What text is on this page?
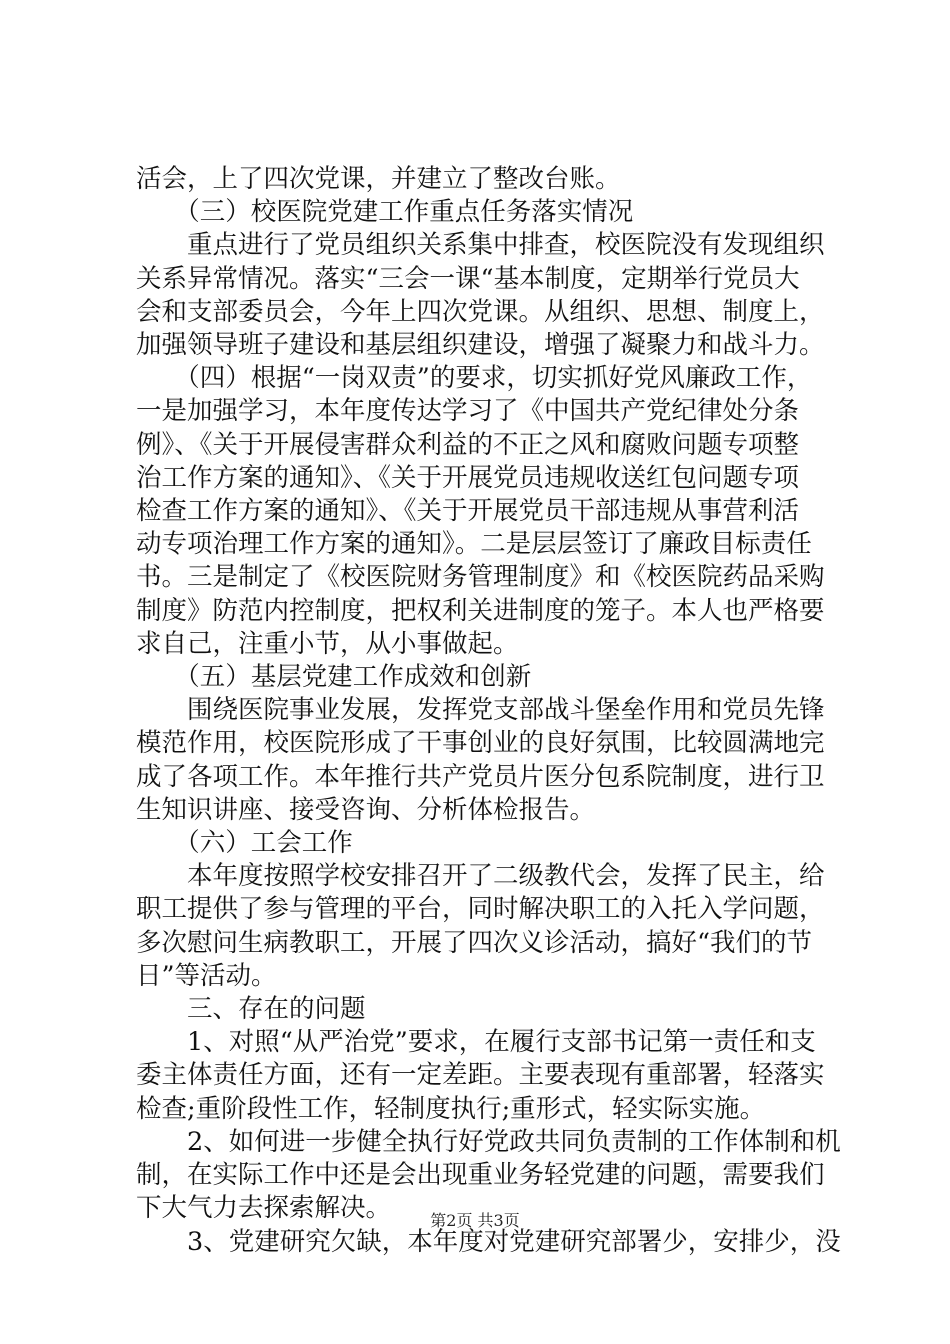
活会，上了四次党课，并建立了整改台账。

　　（三）校医院党建工作重点任务落实情况

　　重点进行了党员组织关系集中排查，校医院没有发现组织

关系异常情况。落实“三会一课“基本制度，定期举行党员大

会和支部委员会，今年上四次党课。从组织、思想、制度上，

加强领导班子建设和基层组织建设，增强了凝聚力和战斗力。

　　（四）根据“一岗双责”的要求，切实抓好党风廉政工作，

一是加强学习，本年度传达学习了《中国共产党纪律处分条

例》、《关于开展侵害群众利益的不正之风和腐败问题专项整

治工作方案的通知》、《关于开展党员违规收送红包问题专项

检查工作方案的通知》、《关于开展党员干部违规从事营利活

动专项治理工作方案的通知》。二是层层签订了廉政目标责任

书。三是制定了《校医院财务管理制度》和《校医院药品采购

制度》防范内控制度，把权利关进制度的笼子。本人也严格要

求自己，注重小节，从小事做起。

　　（五）基层党建工作成效和创新

　　围绕医院事业发展，发挥党支部战斗堡垒作用和党员先锋

模范作用，校医院形成了干事创业的良好氛围，比较圆满地完

成了各项工作。本年推行共产党员片医分包系院制度，进行卫

生知识讲座、接受咨询、分析体检报告。

　　（六）工会工作

　　本年度按照学校安排召开了二级教代会，发挥了民主，给

职工提供了参与管理的平台，同时解决职工的入托入学问题，

多次慰问生病教职工，开展了四次义诊活动，搞好“我们的节

日”等活动。

　　三、存在的问题

　　1、对照“从严治党”要求，在履行支部书记第一责任和支

委主体责任方面，还有一定差距。主要表现有重部署，轻落实

检查;重阶段性工作，轻制度执行;重形式，轻实际实施。

　　2、如何进一步健全执行好党政共同负责制的工作体制和机

制，在实际工作中还是会出现重业务轻党建的问题，需要我们

下大气力去探索解决。

　　3、党建研究欠缺，本年度对党建研究部署少，安排少，没

第2页 共3页
